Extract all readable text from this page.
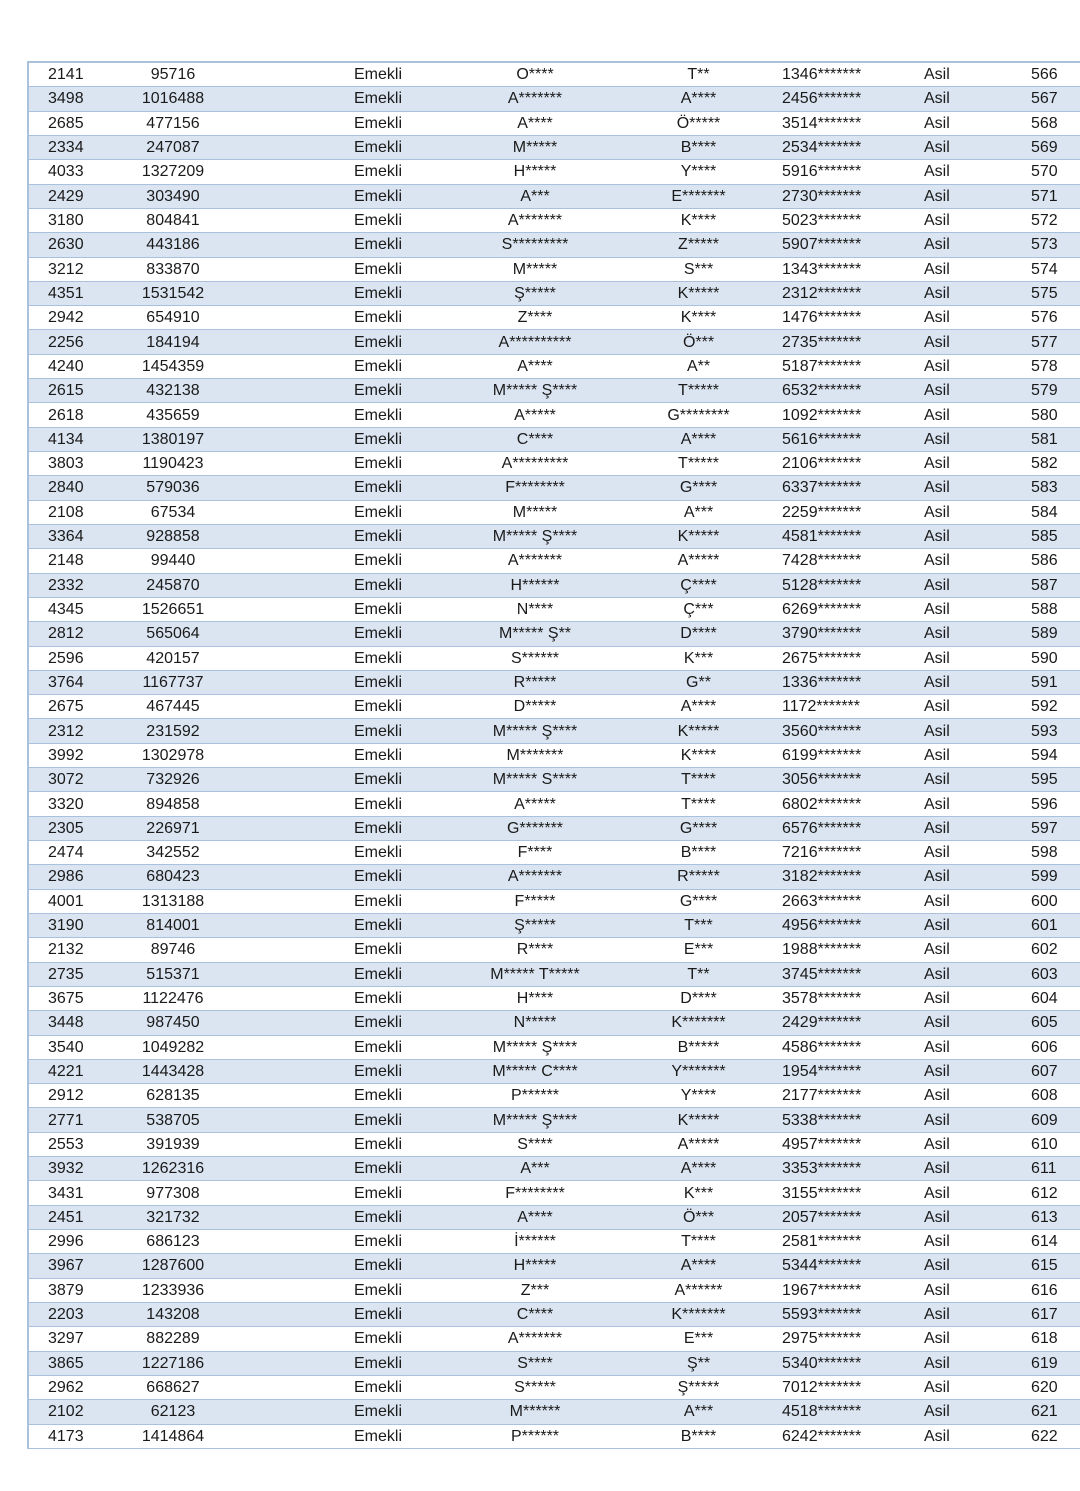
2141	95716	Emekli	O****	T**	1346*******	Asil	566
3498	1016488	Emekli	A*******	A****	2456*******	Asil	567
2685	477156	Emekli	A****	Ö*****	3514*******	Asil	568
2334	247087	Emekli	M*****	B****	2534*******	Asil	569
4033	1327209	Emekli	H*****	Y****	5916*******	Asil	570
2429	303490	Emekli	A***	E*******	2730*******	Asil	571
3180	804841	Emekli	A*******	K****	5023*******	Asil	572
2630	443186	Emekli	S*********	Z*****	5907*******	Asil	573
3212	833870	Emekli	M*****	S***	1343*******	Asil	574
4351	1531542	Emekli	Ş*****	K*****	2312*******	Asil	575
2942	654910	Emekli	Z****	K****	1476*******	Asil	576
2256	184194	Emekli	A**********	Ö***	2735*******	Asil	577
4240	1454359	Emekli	A****	A**	5187*******	Asil	578
2615	432138	Emekli	M***** Ş****	T*****	6532*******	Asil	579
2618	435659	Emekli	A*****	G********	1092*******	Asil	580
4134	1380197	Emekli	C****	A****	5616*******	Asil	581
3803	1190423	Emekli	A*********	T*****	2106*******	Asil	582
2840	579036	Emekli	F********	G****	6337*******	Asil	583
2108	67534	Emekli	M*****	A***	2259*******	Asil	584
3364	928858	Emekli	M***** Ş****	K*****	4581*******	Asil	585
2148	99440	Emekli	A*******	A*****	7428*******	Asil	586
2332	245870	Emekli	H******	Ç****	5128*******	Asil	587
4345	1526651	Emekli	N****	Ç***	6269*******	Asil	588
2812	565064	Emekli	M***** Ş**	D****	3790*******	Asil	589
2596	420157	Emekli	S******	K***	2675*******	Asil	590
3764	1167737	Emekli	R*****	G**	1336*******	Asil	591
2675	467445	Emekli	D*****	A****	1172*******	Asil	592
2312	231592	Emekli	M***** Ş****	K*****	3560*******	Asil	593
3992	1302978	Emekli	M*******	K****	6199*******	Asil	594
3072	732926	Emekli	M***** S****	T****	3056*******	Asil	595
3320	894858	Emekli	A*****	T****	6802*******	Asil	596
2305	226971	Emekli	G*******	G****	6576*******	Asil	597
2474	342552	Emekli	F****	B****	7216*******	Asil	598
2986	680423	Emekli	A*******	R*****	3182*******	Asil	599
4001	1313188	Emekli	F*****	G****	2663*******	Asil	600
3190	814001	Emekli	Ş*****	T***	4956*******	Asil	601
2132	89746	Emekli	R****	E***	1988*******	Asil	602
2735	515371	Emekli	M***** T*****	T**	3745*******	Asil	603
3675	1122476	Emekli	H****	D****	3578*******	Asil	604
3448	987450	Emekli	N*****	K*******	2429*******	Asil	605
3540	1049282	Emekli	M***** Ş****	B*****	4586*******	Asil	606
4221	1443428	Emekli	M***** C****	Y*******	1954*******	Asil	607
2912	628135	Emekli	P******	Y****	2177*******	Asil	608
2771	538705	Emekli	M***** Ş****	K*****	5338*******	Asil	609
2553	391939	Emekli	S****	A*****	4957*******	Asil	610
3932	1262316	Emekli	A***	A****	3353*******	Asil	611
3431	977308	Emekli	F********	K***	3155*******	Asil	612
2451	321732	Emekli	A****	Ö***	2057*******	Asil	613
2996	686123	Emekli	İ******	T****	2581*******	Asil	614
3967	1287600	Emekli	H*****	A****	5344*******	Asil	615
3879	1233936	Emekli	Z***	A******	1967*******	Asil	616
2203	143208	Emekli	C****	K*******	5593*******	Asil	617
3297	882289	Emekli	A*******	E***	2975*******	Asil	618
3865	1227186	Emekli	S****	Ş**	5340*******	Asil	619
2962	668627	Emekli	S*****	Ş*****	7012*******	Asil	620
2102	62123	Emekli	M******	A***	4518*******	Asil	621
4173	1414864	Emekli	P******	B****	6242*******	Asil	622
